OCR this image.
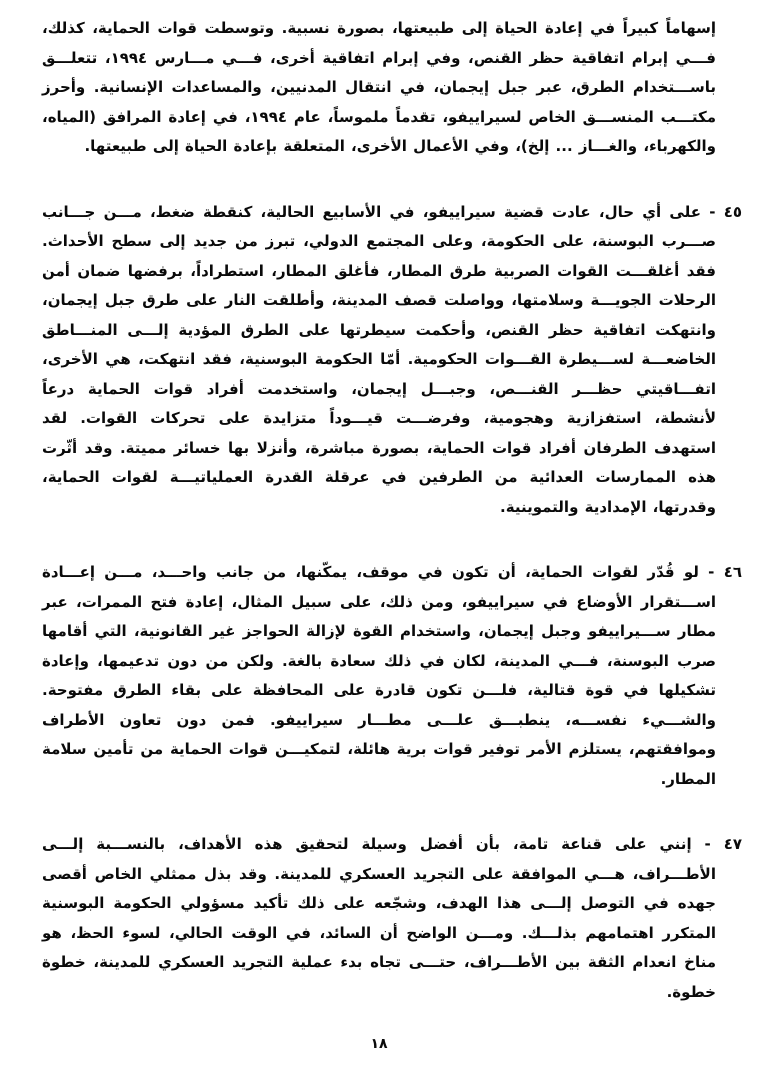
إسهاماً كبيراً في إعادة الحياة إلى طبيعتها، بصورة نسبية. وتوسطت قوات الحماية، كذلك، فـــي إبرام اتفاقية حظر القنص، وفي إبرام اتفاقية أخرى، فـــي مـــارس ١٩٩٤، تتعلـــق باســـتخدام الطرق، عبر جبل إيجمان، في انتقال المدنيين، والمساعدات الإنسانية. وأحرز مكتـــب المنســـق الخاص لسيراييفو، تقدماً ملموساً، عام ١٩٩٤، في إعادة المرافق (المياه، والكهرباء، والغـــاز ... إلخ)، وفي الأعمال الأخرى، المتعلقة بإعادة الحياة إلى طبيعتها.

٤٥ - على أي حال، عادت قضية سيراييفو، في الأسابيع الحالية، كنقطة ضغط، مـــن جـــانب صـــرب البوسنة، على الحكومة، وعلى المجتمع الدولي، تبرز من جديد إلى سطح الأحداث. فقد أغلقـــت القوات الصربية طرق المطار، فأغلق المطار، استطراداً، برفضها ضمان أمن الرحلات الجويـــة وسلامتها، وواصلت قصف المدينة، وأطلقت النار على طرق جبل إيجمان، وانتهكت اتفاقية حظر القنص، وأحكمت سيطرتها على الطرق المؤدية إلـــى المنـــاطق الخاضعـــة لســـيطرة القـــوات الحكومية. أمّا الحكومة البوسنية، فقد انتهكت، هي الأخرى، اتفـــاقيتي حظـــر القنـــص، وجبـــل إيجمان، واستخدمت أفراد قوات الحماية درعاً لأنشطة، استفزازية وهجومية، وفرضـــت قيـــوداً متزايدة على تحركات القوات. لقد استهدف الطرفان أفراد قوات الحماية، بصورة مباشرة، وأنزلا بها خسائر مميتة. وقد أثّرت هذه الممارسات العدائية من الطرفين في عرقلة القدرة العملياتيـــة لقوات الحماية، وقدرتها، الإمدادية والتموينية.

٤٦ - لو قُدّر لقوات الحماية، أن تكون في موقف، يمكّنها، من جانب واحـــد، مـــن إعـــادة اســـتقرار الأوضاع في سيراييفو، ومن ذلك، على سبيل المثال، إعادة فتح الممرات، عبر مطار ســـيراييفو وجبل إيجمان، واستخدام القوة لإزالة الحواجز غير القانونية، التي أقامها صرب البوسنة، فـــي المدينة، لكان في ذلك سعادة بالغة. ولكن من دون تدعيمها، وإعادة تشكيلها في قوة قتالية، فلـــن تكون قادرة على المحافظة على بقاء الطرق مفتوحة. والشـــيء نفســـه، ينطبـــق علـــى مطـــار سيراييفو. فمن دون تعاون الأطراف وموافقتهم، يستلزم الأمر توفير قوات برية هائلة، لتمكيـــن قوات الحماية من تأمين سلامة المطار.

٤٧ - إنني على قناعة تامة، بأن أفضل وسيلة لتحقيق هذه الأهداف، بالنســـبة إلـــى الأطـــراف، هـــي الموافقة على التجريد العسكري للمدينة. وقد بذل ممثلي الخاص أقصى جهده في التوصل إلـــى هذا الهدف، وشجّعه على ذلك تأكيد مسؤولي الحكومة البوسنية المتكرر اهتمامهم بذلـــك. ومـــن الواضح أن السائد، في الوقت الحالي، لسوء الحظ، هو مناخ انعدام الثقة بين الأطـــراف، حتـــى تجاه بدء عملية التجريد العسكري للمدينة، خطوة خطوة.

١٨
